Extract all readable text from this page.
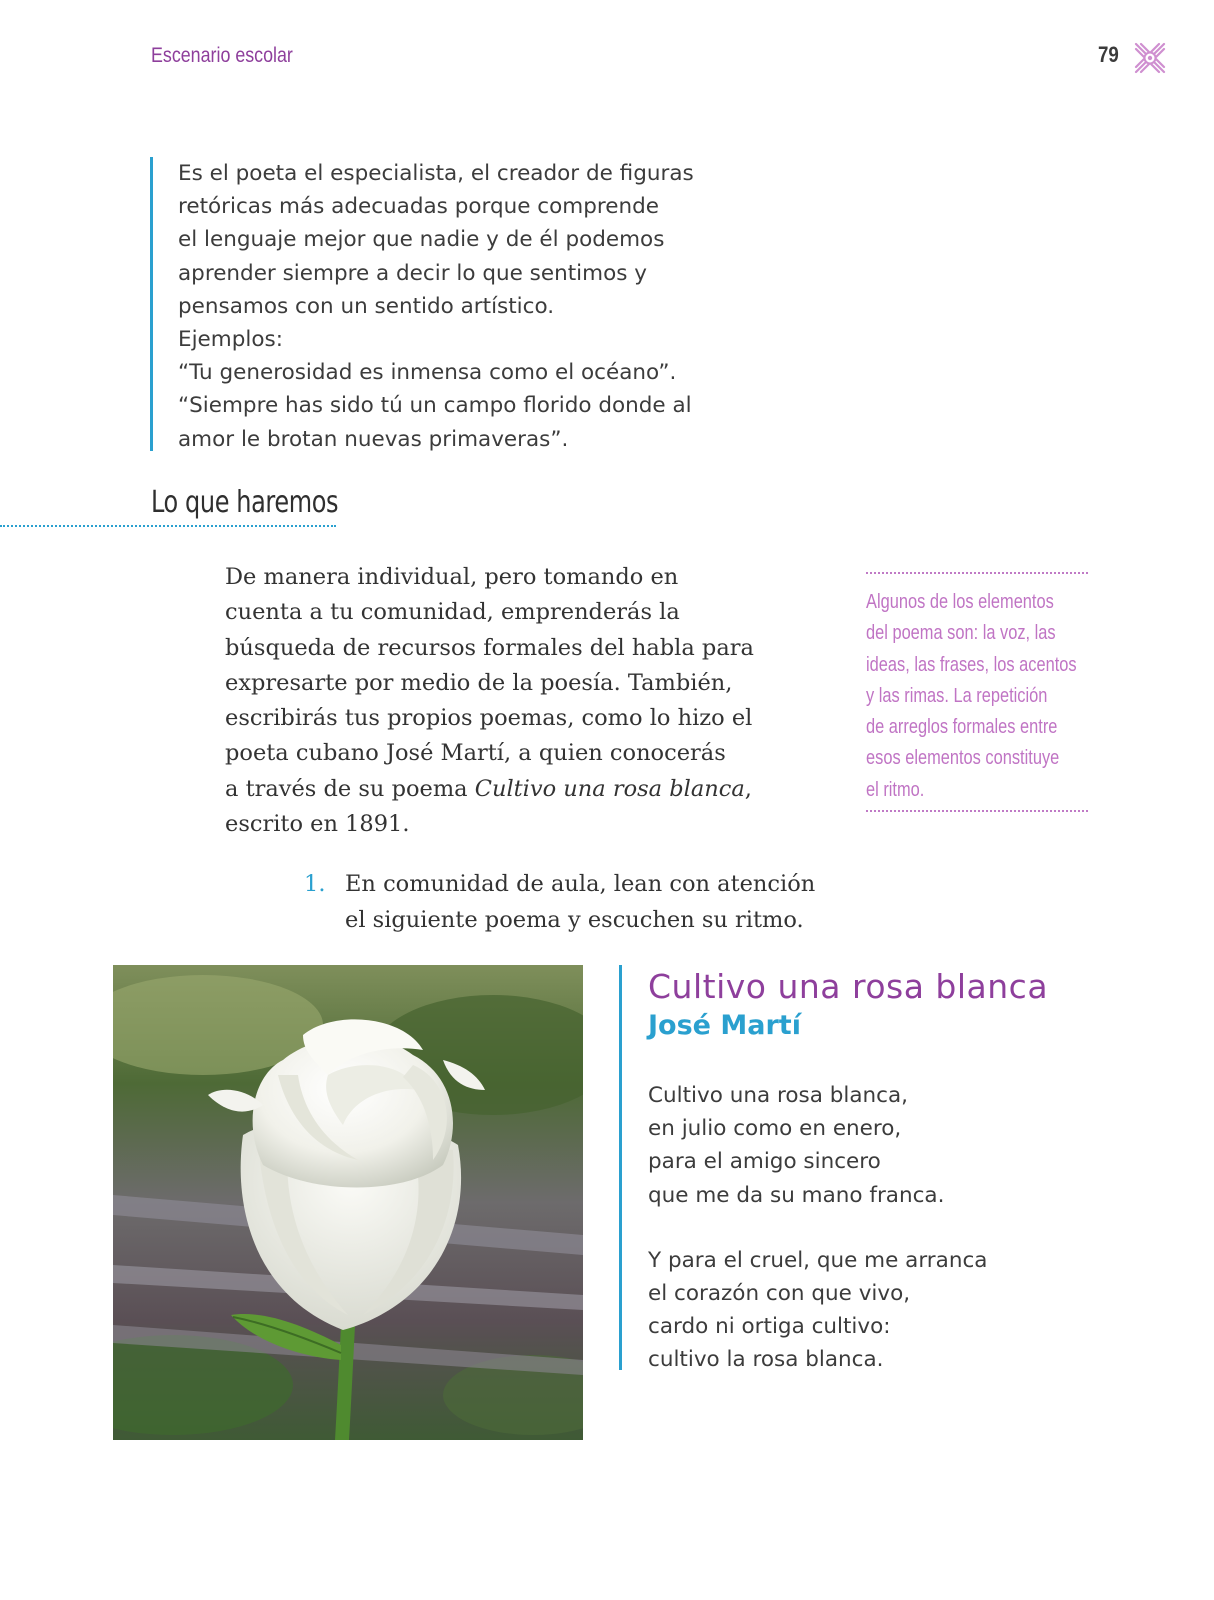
Escenario escolar	79

Es el poeta el especialista, el creador de figuras

retóricas más adecuadas porque comprende

el lenguaje mejor que nadie y de él podemos

aprender siempre a decir lo que sentimos y

pensamos con un sentido artístico.

Ejemplos:

“Tu generosidad es inmensa como el océano”.

“Siempre has sido tú un campo florido donde al

amor le brotan nuevas primaveras”.

Lo que haremos

De manera individual, pero tomando en
cuenta a tu comunidad, emprenderás la
búsqueda de recursos formales del habla para
expresarte por medio de la poesía. También,
escribirás tus propios poemas, como lo hizo el
poeta cubano José Martí, a quien conocerás
a través de su poema Cultivo una rosa blanca,
escrito en 1891.

Algunos de los elementos
del poema son: la voz, las
ideas, las frases, los acentos
y las rimas. La repetición
de arreglos formales entre
esos elementos constituye
el ritmo.

1. En comunidad de aula, lean con atención
el siguiente poema y escuchen su ritmo.
Cultivo una rosa blanca
José Martí
Cultivo una rosa blanca,
en julio como en enero,
para el amigo sincero
que me da su mano franca.
Y para el cruel, que me arranca
el corazón con que vivo,
cardo ni ortiga cultivo:
cultivo la rosa blanca.
